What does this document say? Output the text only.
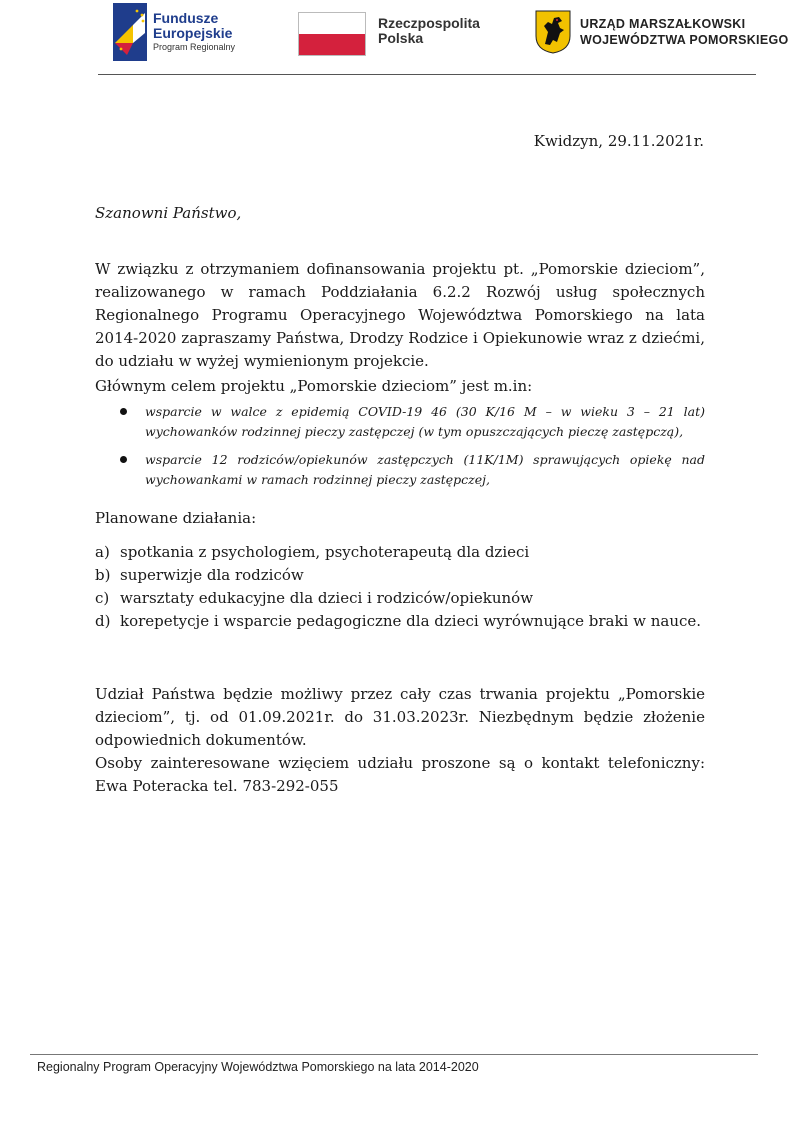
Fundusze
Europejskie
Program Regionalny
Rzeczpospolita
Polska
URZĄD MARSZAŁKOWSKI
WOJEWÓDZTWA POMORSKIEGO
Kwidzyn, 29.11.2021r.
Szanowni Państwo,

W związku z otrzymaniem dofinansowania projektu pt. „Pomorskie dzieciom”, realizowanego w ramach Poddziałania 6.2.2 Rozwój usług społecznych Regionalnego Programu Operacyjnego Województwa Pomorskiego na lata 2014-2020 zapraszamy Państwa, Drodzy Rodzice i Opiekunowie wraz z dziećmi, do udziału w wyżej wymienionym projekcie.

Głównym celem projektu „Pomorskie dzieciom” jest m.in:
wsparcie w walce z epidemią COVID-19 46 (30 K/16 M – w wieku 3 – 21 lat) wychowanków rodzinnej pieczy zastępczej (w tym opuszczających pieczę zastępczą),
wsparcie 12 rodziców/opiekunów zastępczych (11K/1M) sprawujących opiekę nad wychowankami w ramach rodzinnej pieczy zastępczej,
Planowane działania:
a) spotkania z psychologiem, psychoterapeutą dla dzieci
b) superwizje dla rodziców
c) warsztaty edukacyjne dla dzieci i rodziców/opiekunów
d) korepetycje i wsparcie pedagogiczne dla dzieci wyrównujące braki w nauce.

Udział Państwa będzie możliwy przez cały czas trwania projektu „Pomorskie dzieciom”, tj. od 01.09.2021r. do 31.03.2023r. Niezbędnym będzie złożenie odpowiednich dokumentów.

Osoby zainteresowane wzięciem udziału proszone są o kontakt telefoniczny: Ewa Poteracka tel. 783-292-055

Regionalny Program Operacyjny Województwa Pomorskiego na lata 2014-2020
